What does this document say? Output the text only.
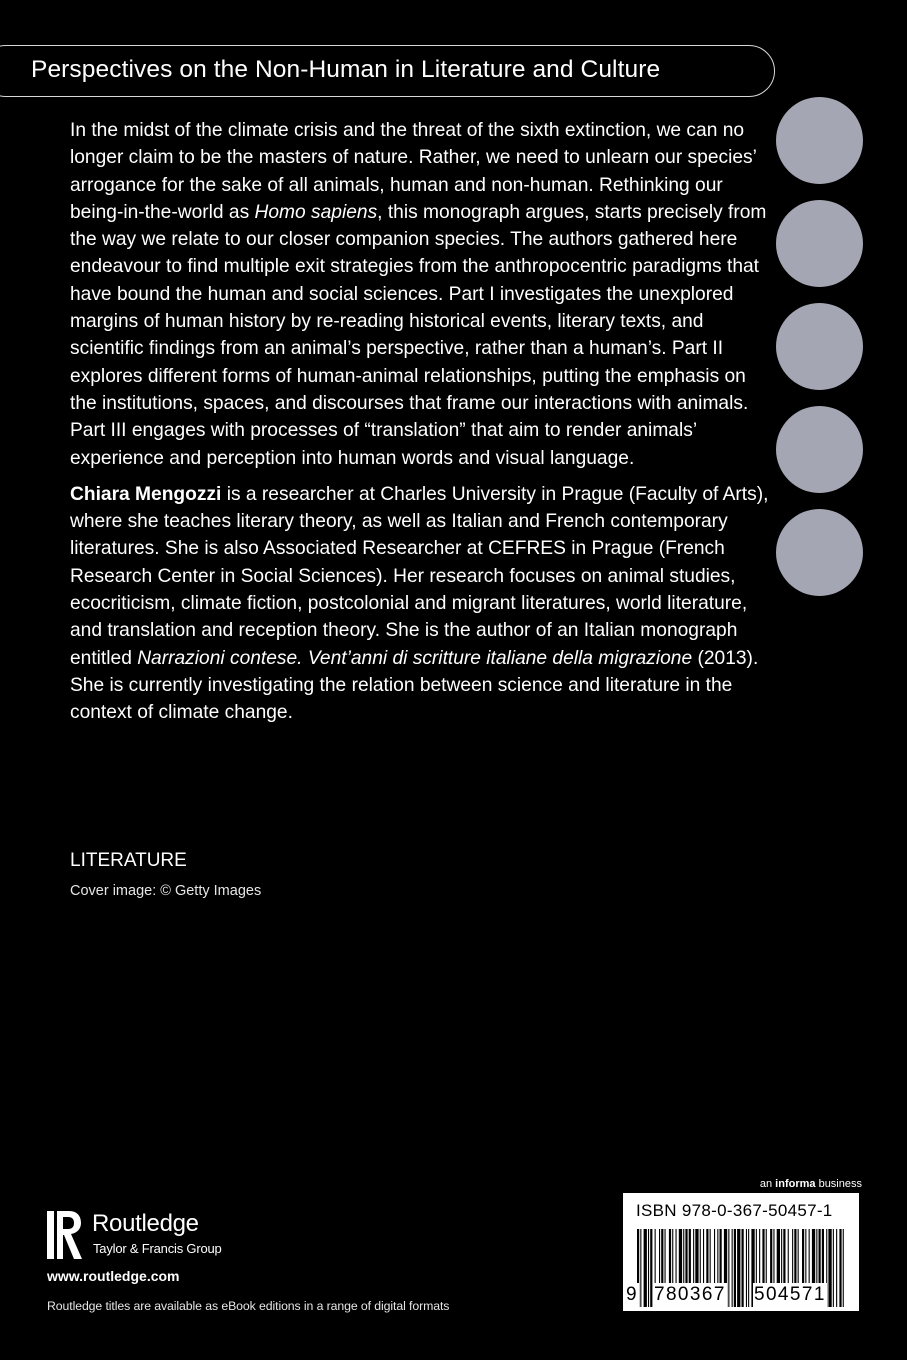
Perspectives on the Non-Human in Literature and Culture

In the midst of the climate crisis and the threat of the sixth extinction, we can no longer claim to be the masters of nature. Rather, we need to unlearn our species’ arrogance for the sake of all animals, human and non-human. Rethinking our being-in-the-world as Homo sapiens, this monograph argues, starts precisely from the way we relate to our closer companion species. The authors gathered here endeavour to find multiple exit strategies from the anthropocentric paradigms that have bound the human and social sciences. Part I investigates the unexplored margins of human history by re-reading historical events, literary texts, and scientific findings from an animal’s perspective, rather than a human’s. Part II explores different forms of human-animal relationships, putting the emphasis on the institutions, spaces, and discourses that frame our interactions with animals. Part III engages with processes of “translation” that aim to render animals’ experience and perception into human words and visual language.

Chiara Mengozzi is a researcher at Charles University in Prague (Faculty of Arts), where she teaches literary theory, as well as Italian and French contemporary literatures. She is also Associated Researcher at CEFRES in Prague (French Research Center in Social Sciences). Her research focuses on animal studies, ecocriticism, climate fiction, postcolonial and migrant literatures, world literature, and translation and reception theory. She is the author of an Italian monograph entitled Narrazioni contese. Vent’anni di scritture italiane della migrazione (2013). She is currently investigating the relation between science and literature in the context of climate change.

LITERATURE
Cover image: © Getty Images
Routledge
Taylor & Francis Group
www.routledge.com
Routledge titles are available as eBook editions in a range of digital formats
an informa business
ISBN 978-0-367-50457-1
9 780367 504571
